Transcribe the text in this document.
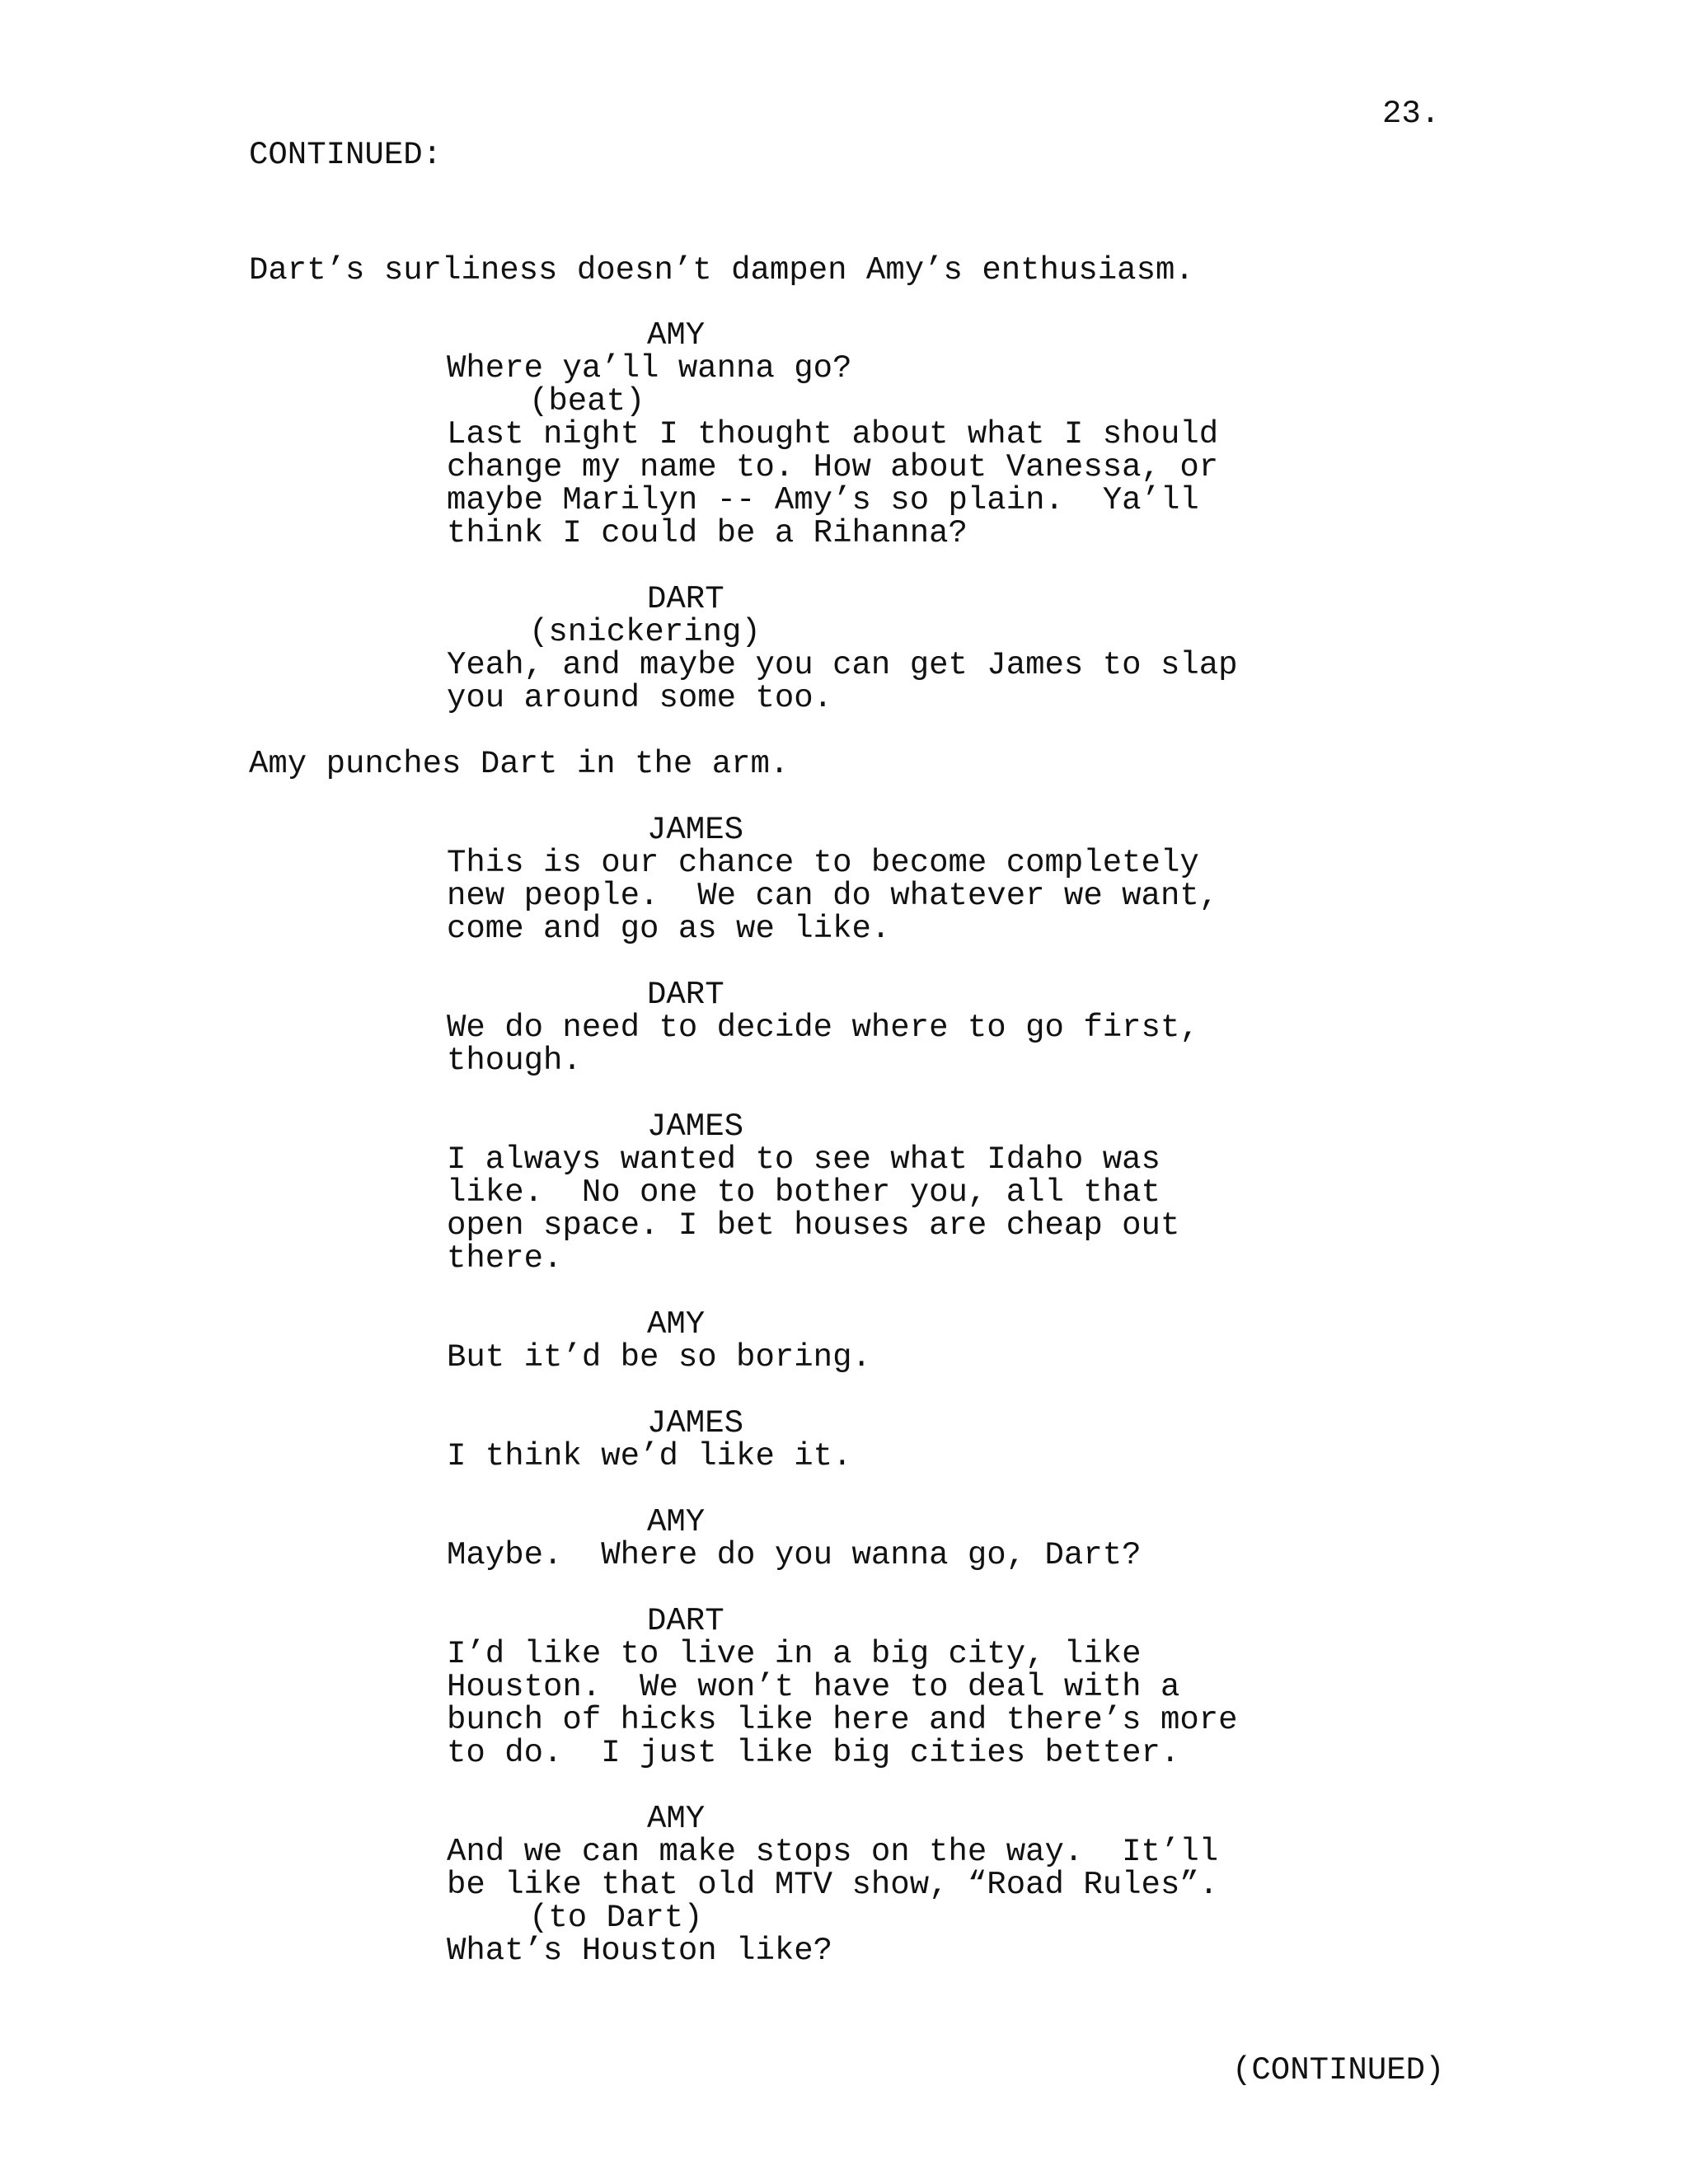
23.
CONTINUED:
Dart’s surliness doesn’t dampen Amy’s enthusiasm.
AMY
Where ya’ll wanna go?
(beat)
Last night I thought about what I should
change my name to. How about Vanessa, or
maybe Marilyn -- Amy’s so plain.  Ya’ll
think I could be a Rihanna?
DART
(snickering)
Yeah, and maybe you can get James to slap
you around some too.
Amy punches Dart in the arm.
JAMES
This is our chance to become completely
new people.  We can do whatever we want,
come and go as we like.
DART
We do need to decide where to go first,
though.
JAMES
I always wanted to see what Idaho was
like.  No one to bother you, all that
open space. I bet houses are cheap out
there.
AMY
But it’d be so boring.
JAMES
I think we’d like it.
AMY
Maybe.  Where do you wanna go, Dart?
DART
I’d like to live in a big city, like
Houston.  We won’t have to deal with a
bunch of hicks like here and there’s more
to do.  I just like big cities better.
AMY
And we can make stops on the way.  It’ll
be like that old MTV show, “Road Rules”.
(to Dart)
What’s Houston like?
(CONTINUED)
